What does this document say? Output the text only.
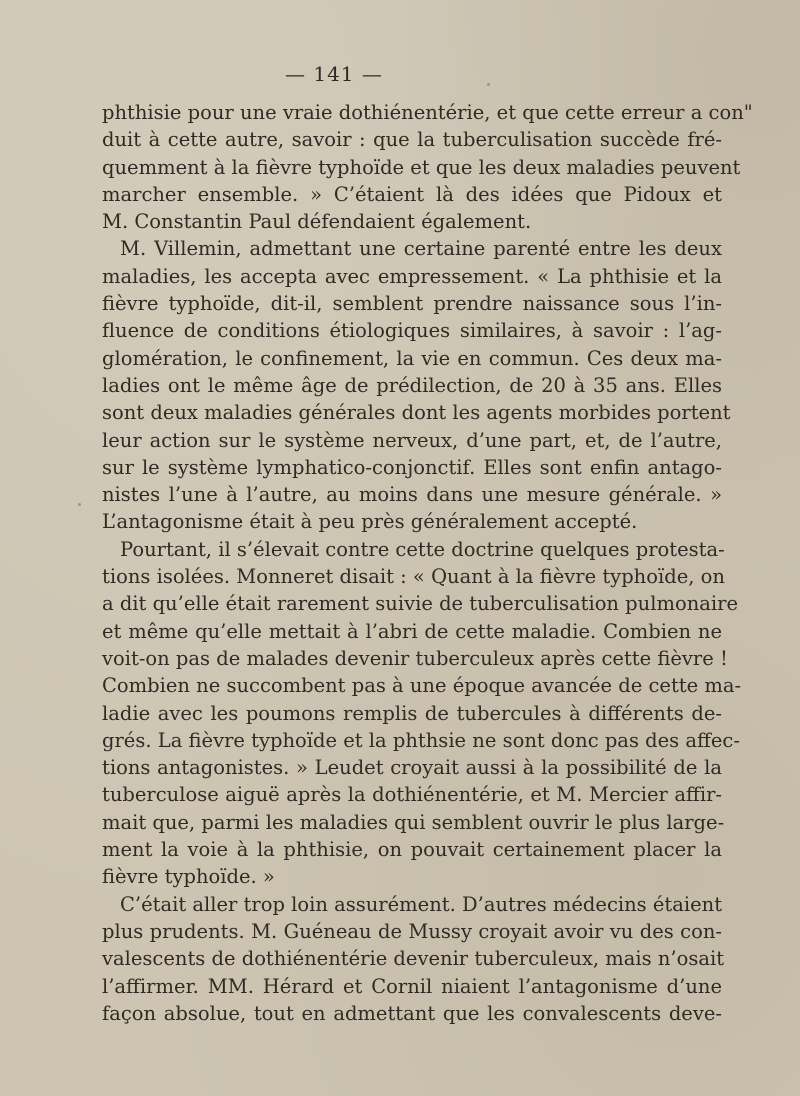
— 141 —
phthisie pour une vraie dothiénentérie, et que cette erreur a con"
duit à cette autre, savoir : que la tuberculisation succède fré-
quemment à la fièvre typhoïde et que les deux maladies peuvent
marcher ensemble. » C’étaient là des idées que Pidoux et
M. Constantin Paul défendaient également.
M. Villemin, admettant une certaine parenté entre les deux
maladies, les accepta avec empressement. « La phthisie et la
fièvre typhoïde, dit-il, semblent prendre naissance sous l’in-
fluence de conditions étiologiques similaires, à savoir : l’ag-
glomération, le confinement, la vie en commun. Ces deux ma-
ladies ont le même âge de prédilection, de 20 à 35 ans. Elles
sont deux maladies générales dont les agents morbides portent
leur action sur le système nerveux, d’une part, et, de l’autre,
sur le système lymphatico-conjonctif. Elles sont enfin antago-
nistes l’une à l’autre, au moins dans une mesure générale. »
L’antagonisme était à peu près généralement accepté.
Pourtant, il s’élevait contre cette doctrine quelques protesta-
tions isolées. Monneret disait : « Quant à la fièvre typhoïde, on
a dit qu’elle était rarement suivie de tuberculisation pulmonaire
et même qu’elle mettait à l’abri de cette maladie. Combien ne
voit-on pas de malades devenir tuberculeux après cette fièvre !
Combien ne succombent pas à une époque avancée de cette ma-
ladie avec les poumons remplis de tubercules à différents de-
grés. La fièvre typhoïde et la phthsie ne sont donc pas des affec-
tions antagonistes. » Leudet croyait aussi à la possibilité de la
tuberculose aiguë après la dothiénentérie, et M. Mercier affir-
mait que, parmi les maladies qui semblent ouvrir le plus large-
ment la voie à la phthisie, on pouvait certainement placer la
fièvre typhoïde. »
C’était aller trop loin assurément. D’autres médecins étaient
plus prudents. M. Guéneau de Mussy croyait avoir vu des con-
valescents de dothiénentérie devenir tuberculeux, mais n’osait
l’affirmer. MM. Hérard et Cornil niaient l’antagonisme d’une
façon absolue, tout en admettant que les convalescents deve-
